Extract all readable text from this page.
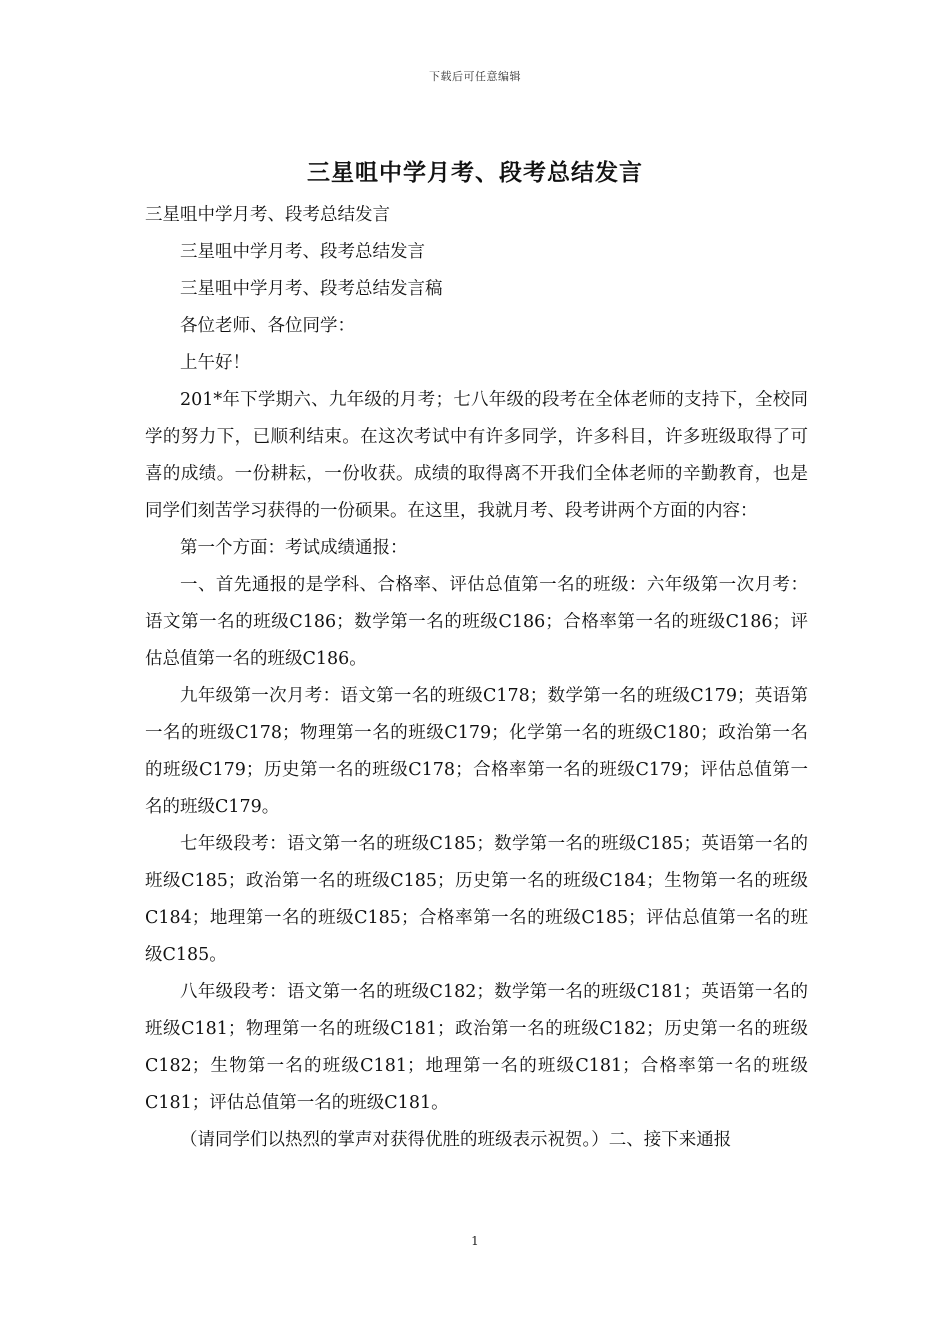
下载后可任意编辑
三星咀中学月考、段考总结发言

三星咀中学月考、段考总结发言

三星咀中学月考、段考总结发言

三星咀中学月考、段考总结发言稿

各位老师、各位同学：

上午好！

201*年下学期六、九年级的月考；七八年级的段考在全体老师的支持下，全校同学的努力下，已顺利结束。在这次考试中有许多同学，许多科目，许多班级取得了可喜的成绩。一份耕耘，一份收获。成绩的取得离不开我们全体老师的辛勤教育，也是同学们刻苦学习获得的一份硕果。在这里，我就月考、段考讲两个方面的内容：

第一个方面：考试成绩通报：

一、首先通报的是学科、合格率、评估总值第一名的班级：六年级第一次月考：语文第一名的班级C186；数学第一名的班级C186；合格率第一名的班级C186；评估总值第一名的班级C186。

九年级第一次月考：语文第一名的班级C178；数学第一名的班级C179；英语第一名的班级C178；物理第一名的班级C179；化学第一名的班级C180；政治第一名的班级C179；历史第一名的班级C178；合格率第一名的班级C179；评估总值第一名的班级C179。

七年级段考：语文第一名的班级C185；数学第一名的班级C185；英语第一名的班级C185；政治第一名的班级C185；历史第一名的班级C184；生物第一名的班级C184；地理第一名的班级C185；合格率第一名的班级C185；评估总值第一名的班级C185。

八年级段考：语文第一名的班级C182；数学第一名的班级C181；英语第一名的班级C181；物理第一名的班级C181；政治第一名的班级C182；历史第一名的班级C182；生物第一名的班级C181；地理第一名的班级C181；合格率第一名的班级C181；评估总值第一名的班级C181。

（请同学们以热烈的掌声对获得优胜的班级表示祝贺。）二、接下来通报

1
